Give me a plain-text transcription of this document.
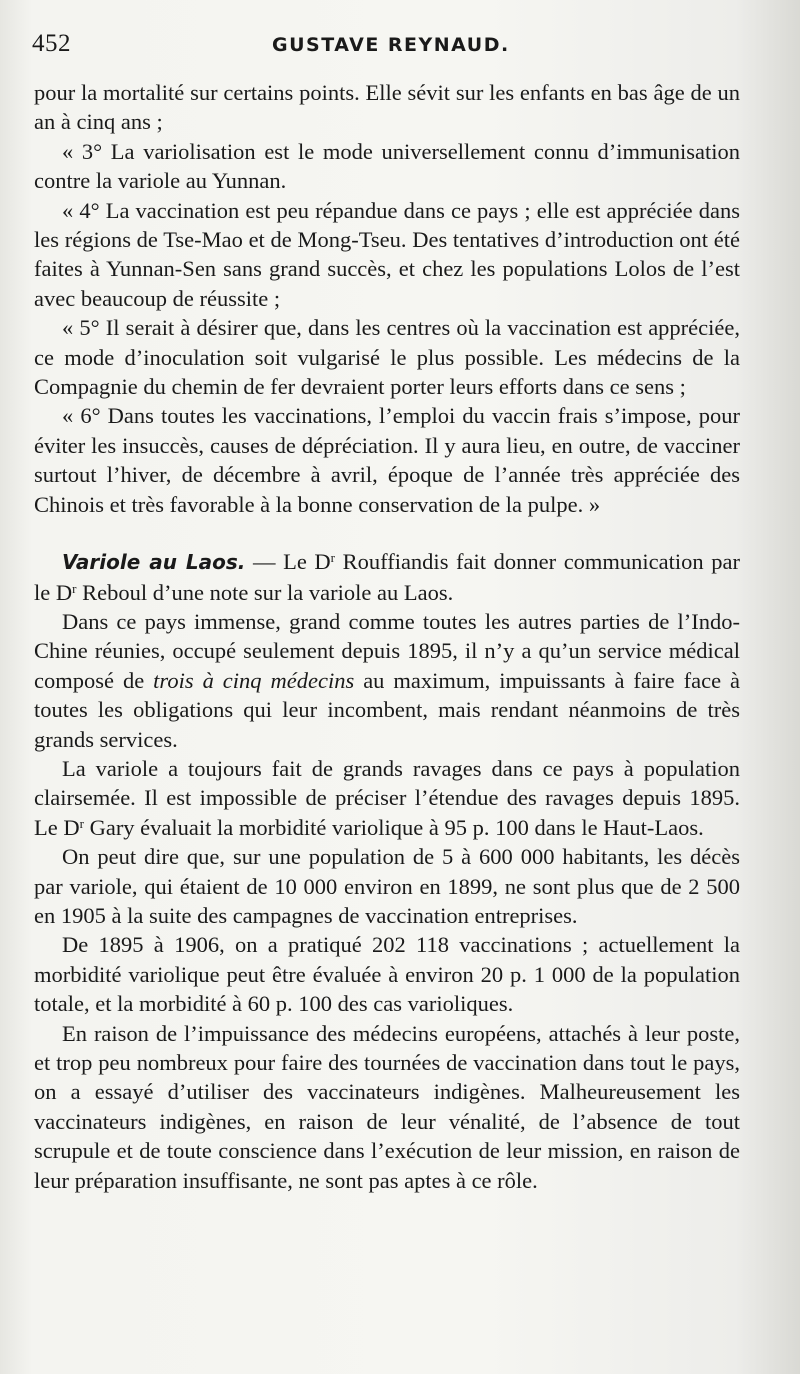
452	GUSTAVE REYNAUD.

pour la mortalité sur certains points. Elle sévit sur les enfants en bas âge de un an à cinq ans ;

« 3° La variolisation est le mode universellement connu d’immunisation contre la variole au Yunnan.

« 4° La vaccination est peu répandue dans ce pays ; elle est appréciée dans les régions de Tse-Mao et de Mong-Tseu. Des tentatives d’introduction ont été faites à Yunnan-Sen sans grand succès, et chez les populations Lolos de l’est avec beaucoup de réussite ;

« 5° Il serait à désirer que, dans les centres où la vaccination est appréciée, ce mode d’inoculation soit vulgarisé le plus possible. Les médecins de la Compagnie du chemin de fer devraient porter leurs efforts dans ce sens ;

« 6° Dans toutes les vaccinations, l’emploi du vaccin frais s’impose, pour éviter les insuccès, causes de dépréciation. Il y aura lieu, en outre, de vacciner surtout l’hiver, de décembre à avril, époque de l’année très appréciée des Chinois et très favorable à la bonne conservation de la pulpe. »

Variole au Laos. — Le $D^r$ Rouffiandis fait donner communication par le $D^r$ Reboul d’une note sur la variole au Laos.

Dans ce pays immense, grand comme toutes les autres parties de l’Indo-Chine réunies, occupé seulement depuis 1895, il n’y a qu’un service médical composé de trois à cinq médecins au maximum, impuissants à faire face à toutes les obligations qui leur incombent, mais rendant néanmoins de très grands services.

La variole a toujours fait de grands ravages dans ce pays à population clairsemée. Il est impossible de préciser l’étendue des ravages depuis 1895. Le $D^r$ Gary évaluait la morbidité variolique à 95 p. 100 dans le Haut-Laos.

On peut dire que, sur une population de 5 à 600 000 habitants, les décès par variole, qui étaient de 10 000 environ en 1899, ne sont plus que de 2 500 en 1905 à la suite des campagnes de vaccination entreprises.

De 1895 à 1906, on a pratiqué 202 118 vaccinations ; actuellement la morbidité variolique peut être évaluée à environ 20 p. 1 000 de la population totale, et la morbidité à 60 p. 100 des cas varioliques.

En raison de l’impuissance des médecins européens, attachés à leur poste, et trop peu nombreux pour faire des tournées de vaccination dans tout le pays, on a essayé d’utiliser des vaccinateurs indigènes. Malheureusement les vaccinateurs indigènes, en raison de leur vénalité, de l’absence de tout scrupule et de toute conscience dans l’exécution de leur mission, en raison de leur préparation insuffisante, ne sont pas aptes à ce rôle.
